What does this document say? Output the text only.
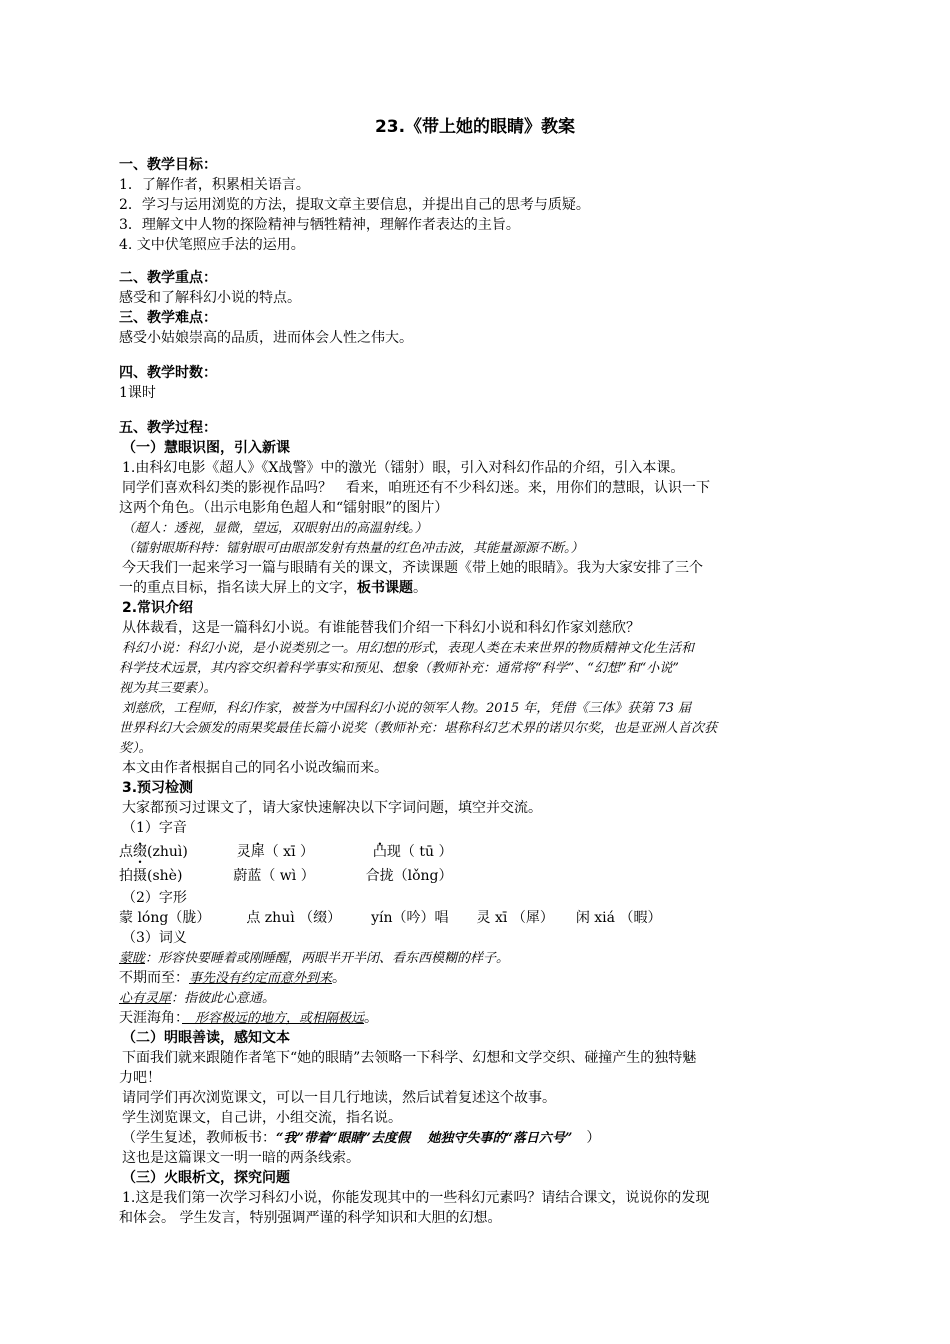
23.《带上她的眼睛》教案
一、教学目标：
1．了解作者，积累相关语言。
2．学习与运用浏览的方法，提取文章主要信息，并提出自己的思考与质疑。
3．理解文中人物的探险精神与牺牲精神，理解作者表达的主旨。
4. 文中伏笔照应手法的运用。
二、教学重点：
感受和了解科幻小说的特点。
三、教学难点：
感受小姑娘崇高的品质，进而体会人性之伟大。
四、教学时数：
1课时
五、教学过程：
（一）慧眼识图，引入新课
1.由科幻电影《超人》《X战警》中的激光（镭射）眼，引入对科幻作品的介绍，引入本课。
同学们喜欢科幻类的影视作品吗？　看来，咱班还有不少科幻迷。来，用你们的慧眼，认识一下
这两个角色。（出示电影角色超人和“镭射眼”的图片）
（超人：透视，显微，望远，双眼射出的高温射线。）
（镭射眼斯科特：镭射眼可由眼部发射有热量的红色冲击波，其能量源源不断。）
今天我们一起来学习一篇与眼睛有关的课文，齐读课题《带上她的眼睛》。我为大家安排了三个
一的重点目标，指名读大屏上的文字，板书课题。
2.常识介绍
从体裁看，这是一篇科幻小说。有谁能替我们介绍一下科幻小说和科幻作家刘慈欣？
科幻小说：科幻小说，是小说类别之一。用幻想的形式，表现人类在未来世界的物质精神文化生活和
科学技术远景，其内容交织着科学事实和预见、想象（教师补充：通常将“科学”、“幻想”和“小说”
视为其三要素）。
刘慈欣，工程师，科幻作家，被誉为中国科幻小说的领军人物。2015 年，凭借《三体》获第 73 届
世界科幻大会颁发的雨果奖最佳长篇小说奖（教师补充：堪称科幻艺术界的诺贝尔奖，也是亚洲人首次获
奖）。
本文由作者根据自己的同名小说改编而来。
3.预习检测
大家都预习过课文了，请大家快速解决以下字词问题，填空并交流。
（1）字音
点缀(zhuì)	灵犀（ xī ）	凸现（ tū ）
拍摄(shè)	蔚蓝（ wì ）	合拢（lǒng）
（2）字形
蒙 lóng（胧）	点 zhuì （缀） yín（吟）唱 灵 xī （犀） 闲 xiá （暇）
（3）词义
蒙眬：形容快要睡着或刚睡醒，两眼半开半闭、看东西模糊的样子。
不期而至：事先没有约定而意外到来。
心有灵犀：指彼此心意通。
天涯海角：　形容极远的地方，或相隔极远。
（二）明眼善读，感知文本
下面我们就来跟随作者笔下“她的眼睛”去领略一下科学、幻想和文学交织、碰撞产生的独特魅
力吧！
请同学们再次浏览课文，可以一目几行地读，然后试着复述这个故事。
学生浏览课文，自己讲，小组交流，指名说。
（学生复述，教师板书：“我”带着“眼睛”去度假　 她独守失事的“落日六号”　）
这也是这篇课文一明一暗的两条线索。
（三）火眼析文，探究问题
1.这是我们第一次学习科幻小说，你能发现其中的一些科幻元素吗？请结合课文，说说你的发现
和体会。 学生发言，特别强调严谨的科学知识和大胆的幻想。
